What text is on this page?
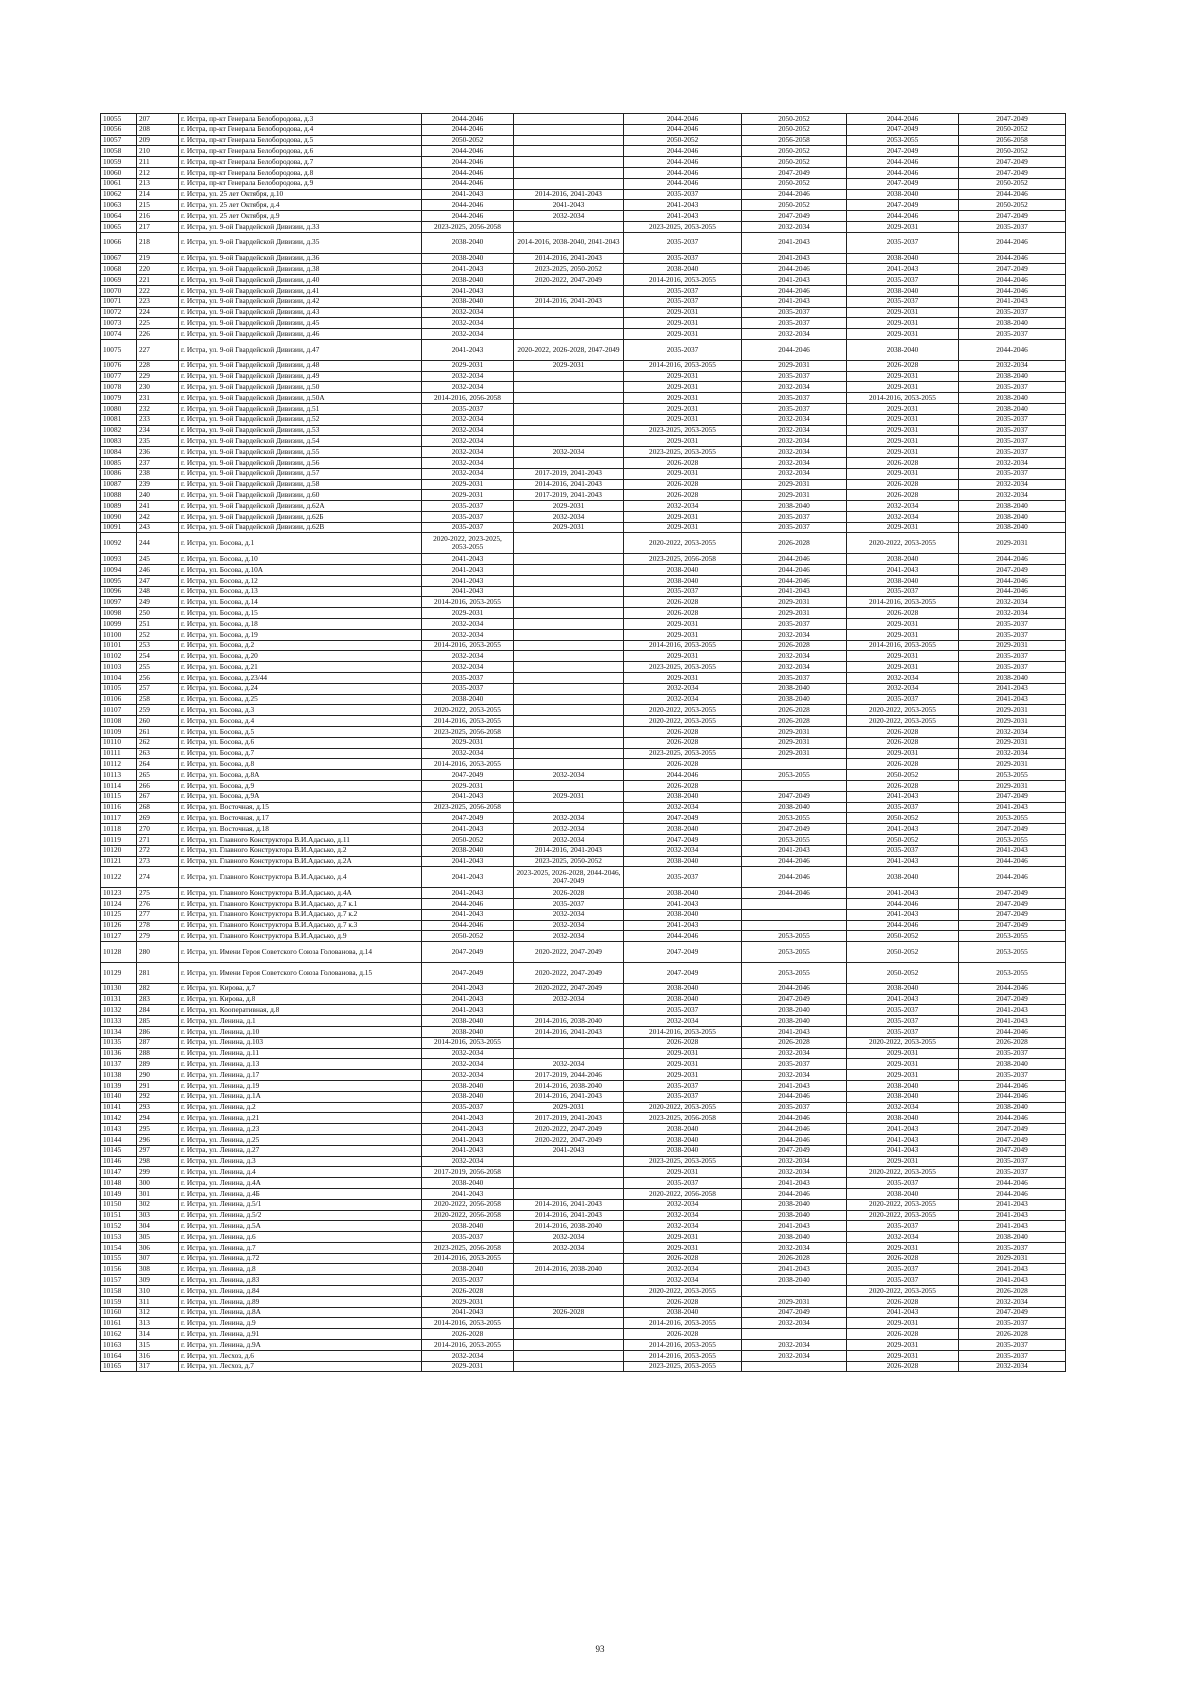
10055	207	г. Истра, пр-кт Генерала Белобородова, д.3	2044-2046		2044-2046	2050-2052	2044-2046	2047-2049
10056	208	г. Истра, пр-кт Генерала Белобородова, д.4	2044-2046		2044-2046	2050-2052	2047-2049	2050-2052
10057	209	г. Истра, пр-кт Генерала Белобородова, д.5	2050-2052		2050-2052	2056-2058	2053-2055	2056-2058
10058	210	г. Истра, пр-кт Генерала Белобородова, д.6	2044-2046		2044-2046	2050-2052	2047-2049	2050-2052
10059	211	г. Истра, пр-кт Генерала Белобородова, д.7	2044-2046		2044-2046	2050-2052	2044-2046	2047-2049
10060	212	г. Истра, пр-кт Генерала Белобородова, д.8	2044-2046		2044-2046	2047-2049	2044-2046	2047-2049
10061	213	г. Истра, пр-кт Генерала Белобородова, д.9	2044-2046		2044-2046	2050-2052	2047-2049	2050-2052
10062	214	г. Истра, ул. 25 лет Октября, д.10	2041-2043	2014-2016, 2041-2043	2035-2037	2044-2046	2038-2040	2044-2046
10063	215	г. Истра, ул. 25 лет Октября, д.4	2044-2046	2041-2043	2041-2043	2050-2052	2047-2049	2050-2052
10064	216	г. Истра, ул. 25 лет Октября, д.9	2044-2046	2032-2034	2041-2043	2047-2049	2044-2046	2047-2049
10065	217	г. Истра, ул. 9-ой Гвардейской Дивизии, д.33	2023-2025, 2056-2058		2023-2025, 2053-2055	2032-2034	2029-2031	2035-2037
10066	218	г. Истра, ул. 9-ой Гвардейской Дивизии, д.35	2038-2040	2014-2016, 2038-2040, 2041-2043	2035-2037	2041-2043	2035-2037	2044-2046
10067	219	г. Истра, ул. 9-ой Гвардейской Дивизии, д.36	2038-2040	2014-2016, 2041-2043	2035-2037	2041-2043	2038-2040	2044-2046
10068	220	г. Истра, ул. 9-ой Гвардейской Дивизии, д.38	2041-2043	2023-2025, 2050-2052	2038-2040	2044-2046	2041-2043	2047-2049
10069	221	г. Истра, ул. 9-ой Гвардейской Дивизии, д.40	2038-2040	2020-2022, 2047-2049	2014-2016, 2053-2055	2041-2043	2035-2037	2044-2046
10070	222	г. Истра, ул. 9-ой Гвардейской Дивизии, д.41	2041-2043		2035-2037	2044-2046	2038-2040	2044-2046
10071	223	г. Истра, ул. 9-ой Гвардейской Дивизии, д.42	2038-2040	2014-2016, 2041-2043	2035-2037	2041-2043	2035-2037	2041-2043
10072	224	г. Истра, ул. 9-ой Гвардейской Дивизии, д.43	2032-2034		2029-2031	2035-2037	2029-2031	2035-2037
10073	225	г. Истра, ул. 9-ой Гвардейской Дивизии, д.45	2032-2034		2029-2031	2035-2037	2029-2031	2038-2040
10074	226	г. Истра, ул. 9-ой Гвардейской Дивизии, д.46	2032-2034		2029-2031	2032-2034	2029-2031	2035-2037
10075	227	г. Истра, ул. 9-ой Гвардейской Дивизии, д.47	2041-2043	2020-2022, 2026-2028, 2047-2049	2035-2037	2044-2046	2038-2040	2044-2046
10076	228	г. Истра, ул. 9-ой Гвардейской Дивизии, д.48	2029-2031	2029-2031	2014-2016, 2053-2055	2029-2031	2026-2028	2032-2034
10077	229	г. Истра, ул. 9-ой Гвардейской Дивизии, д.49	2032-2034		2029-2031	2035-2037	2029-2031	2038-2040
10078	230	г. Истра, ул. 9-ой Гвардейской Дивизии, д.50	2032-2034		2029-2031	2032-2034	2029-2031	2035-2037
10079	231	г. Истра, ул. 9-ой Гвардейской Дивизии, д.50А	2014-2016, 2056-2058		2029-2031	2035-2037	2014-2016, 2053-2055	2038-2040
10080	232	г. Истра, ул. 9-ой Гвардейской Дивизии, д.51	2035-2037		2029-2031	2035-2037	2029-2031	2038-2040
10081	233	г. Истра, ул. 9-ой Гвардейской Дивизии, д.52	2032-2034		2029-2031	2032-2034	2029-2031	2035-2037
10082	234	г. Истра, ул. 9-ой Гвардейской Дивизии, д.53	2032-2034		2023-2025, 2053-2055	2032-2034	2029-2031	2035-2037
10083	235	г. Истра, ул. 9-ой Гвардейской Дивизии, д.54	2032-2034		2029-2031	2032-2034	2029-2031	2035-2037
10084	236	г. Истра, ул. 9-ой Гвардейской Дивизии, д.55	2032-2034	2032-2034	2023-2025, 2053-2055	2032-2034	2029-2031	2035-2037
10085	237	г. Истра, ул. 9-ой Гвардейской Дивизии, д.56	2032-2034		2026-2028	2032-2034	2026-2028	2032-2034
10086	238	г. Истра, ул. 9-ой Гвардейской Дивизии, д.57	2032-2034	2017-2019, 2041-2043	2029-2031	2032-2034	2029-2031	2035-2037
10087	239	г. Истра, ул. 9-ой Гвардейской Дивизии, д.58	2029-2031	2014-2016, 2041-2043	2026-2028	2029-2031	2026-2028	2032-2034
10088	240	г. Истра, ул. 9-ой Гвардейской Дивизии, д.60	2029-2031	2017-2019, 2041-2043	2026-2028	2029-2031	2026-2028	2032-2034
10089	241	г. Истра, ул. 9-ой Гвардейской Дивизии, д.62А	2035-2037	2029-2031	2032-2034	2038-2040	2032-2034	2038-2040
10090	242	г. Истра, ул. 9-ой Гвардейской Дивизии, д.62Б	2035-2037	2032-2034	2029-2031	2035-2037	2032-2034	2038-2040
10091	243	г. Истра, ул. 9-ой Гвардейской Дивизии, д.62В	2035-2037	2029-2031	2029-2031	2035-2037	2029-2031	2038-2040
10092	244	г. Истра, ул. Босова, д.1	2020-2022, 2023-2025, 2053-2055		2020-2022, 2053-2055	2026-2028	2020-2022, 2053-2055	2029-2031
10093	245	г. Истра, ул. Босова, д.10	2041-2043		2023-2025, 2056-2058	2044-2046	2038-2040	2044-2046
10094	246	г. Истра, ул. Босова, д.10А	2041-2043		2038-2040	2044-2046	2041-2043	2047-2049
10095	247	г. Истра, ул. Босова, д.12	2041-2043		2038-2040	2044-2046	2038-2040	2044-2046
10096	248	г. Истра, ул. Босова, д.13	2041-2043		2035-2037	2041-2043	2035-2037	2044-2046
10097	249	г. Истра, ул. Босова, д.14	2014-2016, 2053-2055		2026-2028	2029-2031	2014-2016, 2053-2055	2032-2034
10098	250	г. Истра, ул. Босова, д.15	2029-2031		2026-2028	2029-2031	2026-2028	2032-2034
10099	251	г. Истра, ул. Босова, д.18	2032-2034		2029-2031	2035-2037	2029-2031	2035-2037
10100	252	г. Истра, ул. Босова, д.19	2032-2034		2029-2031	2032-2034	2029-2031	2035-2037
10101	253	г. Истра, ул. Босова, д.2	2014-2016, 2053-2055		2014-2016, 2053-2055	2026-2028	2014-2016, 2053-2055	2029-2031
10102	254	г. Истра, ул. Босова, д.20	2032-2034		2029-2031	2032-2034	2029-2031	2035-2037
10103	255	г. Истра, ул. Босова, д.21	2032-2034		2023-2025, 2053-2055	2032-2034	2029-2031	2035-2037
10104	256	г. Истра, ул. Босова, д.23/44	2035-2037		2029-2031	2035-2037	2032-2034	2038-2040
10105	257	г. Истра, ул. Босова, д.24	2035-2037		2032-2034	2038-2040	2032-2034	2041-2043
10106	258	г. Истра, ул. Босова, д.25	2038-2040		2032-2034	2038-2040	2035-2037	2041-2043
10107	259	г. Истра, ул. Босова, д.3	2020-2022, 2053-2055		2020-2022, 2053-2055	2026-2028	2020-2022, 2053-2055	2029-2031
10108	260	г. Истра, ул. Босова, д.4	2014-2016, 2053-2055		2020-2022, 2053-2055	2026-2028	2020-2022, 2053-2055	2029-2031
10109	261	г. Истра, ул. Босова, д.5	2023-2025, 2056-2058		2026-2028	2029-2031	2026-2028	2032-2034
10110	262	г. Истра, ул. Босова, д.6	2029-2031		2026-2028	2029-2031	2026-2028	2029-2031
10111	263	г. Истра, ул. Босова, д.7	2032-2034		2023-2025, 2053-2055	2029-2031	2029-2031	2032-2034
10112	264	г. Истра, ул. Босова, д.8	2014-2016, 2053-2055		2026-2028		2026-2028	2029-2031
10113	265	г. Истра, ул. Босова, д.8А	2047-2049	2032-2034	2044-2046	2053-2055	2050-2052	2053-2055
10114	266	г. Истра, ул. Босова, д.9	2029-2031		2026-2028		2026-2028	2029-2031
10115	267	г. Истра, ул. Босова, д.9А	2041-2043	2029-2031	2038-2040	2047-2049	2041-2043	2047-2049
10116	268	г. Истра, ул. Восточная, д.15	2023-2025, 2056-2058		2032-2034	2038-2040	2035-2037	2041-2043
10117	269	г. Истра, ул. Восточная, д.17	2047-2049	2032-2034	2047-2049	2053-2055	2050-2052	2053-2055
10118	270	г. Истра, ул. Восточная, д.18	2041-2043	2032-2034	2038-2040	2047-2049	2041-2043	2047-2049
10119	271	г. Истра, ул. Главного Конструктора В.И.Адасько, д.11	2050-2052	2032-2034	2047-2049	2053-2055	2050-2052	2053-2055
10120	272	г. Истра, ул. Главного Конструктора В.И.Адасько, д.2	2038-2040	2014-2016, 2041-2043	2032-2034	2041-2043	2035-2037	2041-2043
10121	273	г. Истра, ул. Главного Конструктора В.И.Адасько, д.2А	2041-2043	2023-2025, 2050-2052	2038-2040	2044-2046	2041-2043	2044-2046
10122	274	г. Истра, ул. Главного Конструктора В.И.Адасько, д.4	2041-2043	2023-2025, 2026-2028, 2044-2046, 2047-2049	2035-2037	2044-2046	2038-2040	2044-2046
10123	275	г. Истра, ул. Главного Конструктора В.И.Адасько, д.4А	2041-2043	2026-2028	2038-2040	2044-2046	2041-2043	2047-2049
10124	276	г. Истра, ул. Главного Конструктора В.И.Адасько, д.7 к.1	2044-2046	2035-2037	2041-2043		2044-2046	2047-2049
10125	277	г. Истра, ул. Главного Конструктора В.И.Адасько, д.7 к.2	2041-2043	2032-2034	2038-2040		2041-2043	2047-2049
10126	278	г. Истра, ул. Главного Конструктора В.И.Адасько, д.7 к.3	2044-2046	2032-2034	2041-2043		2044-2046	2047-2049
10127	279	г. Истра, ул. Главного Конструктора В.И.Адасько, д.9	2050-2052	2032-2034	2044-2046	2053-2055	2050-2052	2053-2055
10128	280	г. Истра, ул. Имени Героя Советского Союза Голованова, д.14	2047-2049	2020-2022, 2047-2049	2047-2049	2053-2055	2050-2052	2053-2055
10129	281	г. Истра, ул. Имени Героя Советского Союза Голованова, д.15	2047-2049	2020-2022, 2047-2049	2047-2049	2053-2055	2050-2052	2053-2055
10130	282	г. Истра, ул. Кирова, д.7	2041-2043	2020-2022, 2047-2049	2038-2040	2044-2046	2038-2040	2044-2046
10131	283	г. Истра, ул. Кирова, д.8	2041-2043	2032-2034	2038-2040	2047-2049	2041-2043	2047-2049
10132	284	г. Истра, ул. Кооперативная, д.8	2041-2043		2035-2037	2038-2040	2035-2037	2041-2043
10133	285	г. Истра, ул. Ленина, д.1	2038-2040	2014-2016, 2038-2040	2032-2034	2038-2040	2035-2037	2041-2043
10134	286	г. Истра, ул. Ленина, д.10	2038-2040	2014-2016, 2041-2043	2014-2016, 2053-2055	2041-2043	2035-2037	2044-2046
10135	287	г. Истра, ул. Ленина, д.103	2014-2016, 2053-2055		2026-2028	2026-2028	2020-2022, 2053-2055	2026-2028
10136	288	г. Истра, ул. Ленина, д.11	2032-2034		2029-2031	2032-2034	2029-2031	2035-2037
10137	289	г. Истра, ул. Ленина, д.13	2032-2034	2032-2034	2029-2031	2035-2037	2029-2031	2038-2040
10138	290	г. Истра, ул. Ленина, д.17	2032-2034	2017-2019, 2044-2046	2029-2031	2032-2034	2029-2031	2035-2037
10139	291	г. Истра, ул. Ленина, д.19	2038-2040	2014-2016, 2038-2040	2035-2037	2041-2043	2038-2040	2044-2046
10140	292	г. Истра, ул. Ленина, д.1А	2038-2040	2014-2016, 2041-2043	2035-2037	2044-2046	2038-2040	2044-2046
10141	293	г. Истра, ул. Ленина, д.2	2035-2037	2029-2031	2020-2022, 2053-2055	2035-2037	2032-2034	2038-2040
10142	294	г. Истра, ул. Ленина, д.21	2041-2043	2017-2019, 2041-2043	2023-2025, 2056-2058	2044-2046	2038-2040	2044-2046
10143	295	г. Истра, ул. Ленина, д.23	2041-2043	2020-2022, 2047-2049	2038-2040	2044-2046	2041-2043	2047-2049
10144	296	г. Истра, ул. Ленина, д.25	2041-2043	2020-2022, 2047-2049	2038-2040	2044-2046	2041-2043	2047-2049
10145	297	г. Истра, ул. Ленина, д.27	2041-2043	2041-2043	2038-2040	2047-2049	2041-2043	2047-2049
10146	298	г. Истра, ул. Ленина, д.3	2032-2034		2023-2025, 2053-2055	2032-2034	2029-2031	2035-2037
10147	299	г. Истра, ул. Ленина, д.4	2017-2019, 2056-2058		2029-2031	2032-2034	2020-2022, 2053-2055	2035-2037
10148	300	г. Истра, ул. Ленина, д.4А	2038-2040		2035-2037	2041-2043	2035-2037	2044-2046
10149	301	г. Истра, ул. Ленина, д.4Б	2041-2043		2020-2022, 2056-2058	2044-2046	2038-2040	2044-2046
10150	302	г. Истра, ул. Ленина, д.5/1	2020-2022, 2056-2058	2014-2016, 2041-2043	2032-2034	2038-2040	2020-2022, 2053-2055	2041-2043
10151	303	г. Истра, ул. Ленина, д.5/2	2020-2022, 2056-2058	2014-2016, 2041-2043	2032-2034	2038-2040	2020-2022, 2053-2055	2041-2043
10152	304	г. Истра, ул. Ленина, д.5А	2038-2040	2014-2016, 2038-2040	2032-2034	2041-2043	2035-2037	2041-2043
10153	305	г. Истра, ул. Ленина, д.6	2035-2037	2032-2034	2029-2031	2038-2040	2032-2034	2038-2040
10154	306	г. Истра, ул. Ленина, д.7	2023-2025, 2056-2058	2032-2034	2029-2031	2032-2034	2029-2031	2035-2037
10155	307	г. Истра, ул. Ленина, д.72	2014-2016, 2053-2055		2026-2028	2026-2028	2026-2028	2029-2031
10156	308	г. Истра, ул. Ленина, д.8	2038-2040	2014-2016, 2038-2040	2032-2034	2041-2043	2035-2037	2041-2043
10157	309	г. Истра, ул. Ленина, д.83	2035-2037		2032-2034	2038-2040	2035-2037	2041-2043
10158	310	г. Истра, ул. Ленина, д.84	2026-2028		2020-2022, 2053-2055		2020-2022, 2053-2055	2026-2028
10159	311	г. Истра, ул. Ленина, д.89	2029-2031		2026-2028	2029-2031	2026-2028	2032-2034
10160	312	г. Истра, ул. Ленина, д.8А	2041-2043	2026-2028	2038-2040	2047-2049	2041-2043	2047-2049
10161	313	г. Истра, ул. Ленина, д.9	2014-2016, 2053-2055		2014-2016, 2053-2055	2032-2034	2029-2031	2035-2037
10162	314	г. Истра, ул. Ленина, д.91	2026-2028		2026-2028		2026-2028	2026-2028
10163	315	г. Истра, ул. Ленина, д.9А	2014-2016, 2053-2055		2014-2016, 2053-2055	2032-2034	2029-2031	2035-2037
10164	316	г. Истра, ул. Лесхоз, д.6	2032-2034		2014-2016, 2053-2055	2032-2034	2029-2031	2035-2037
10165	317	г. Истра, ул. Лесхоз, д.7	2029-2031		2023-2025, 2053-2055		2026-2028	2032-2034
93
